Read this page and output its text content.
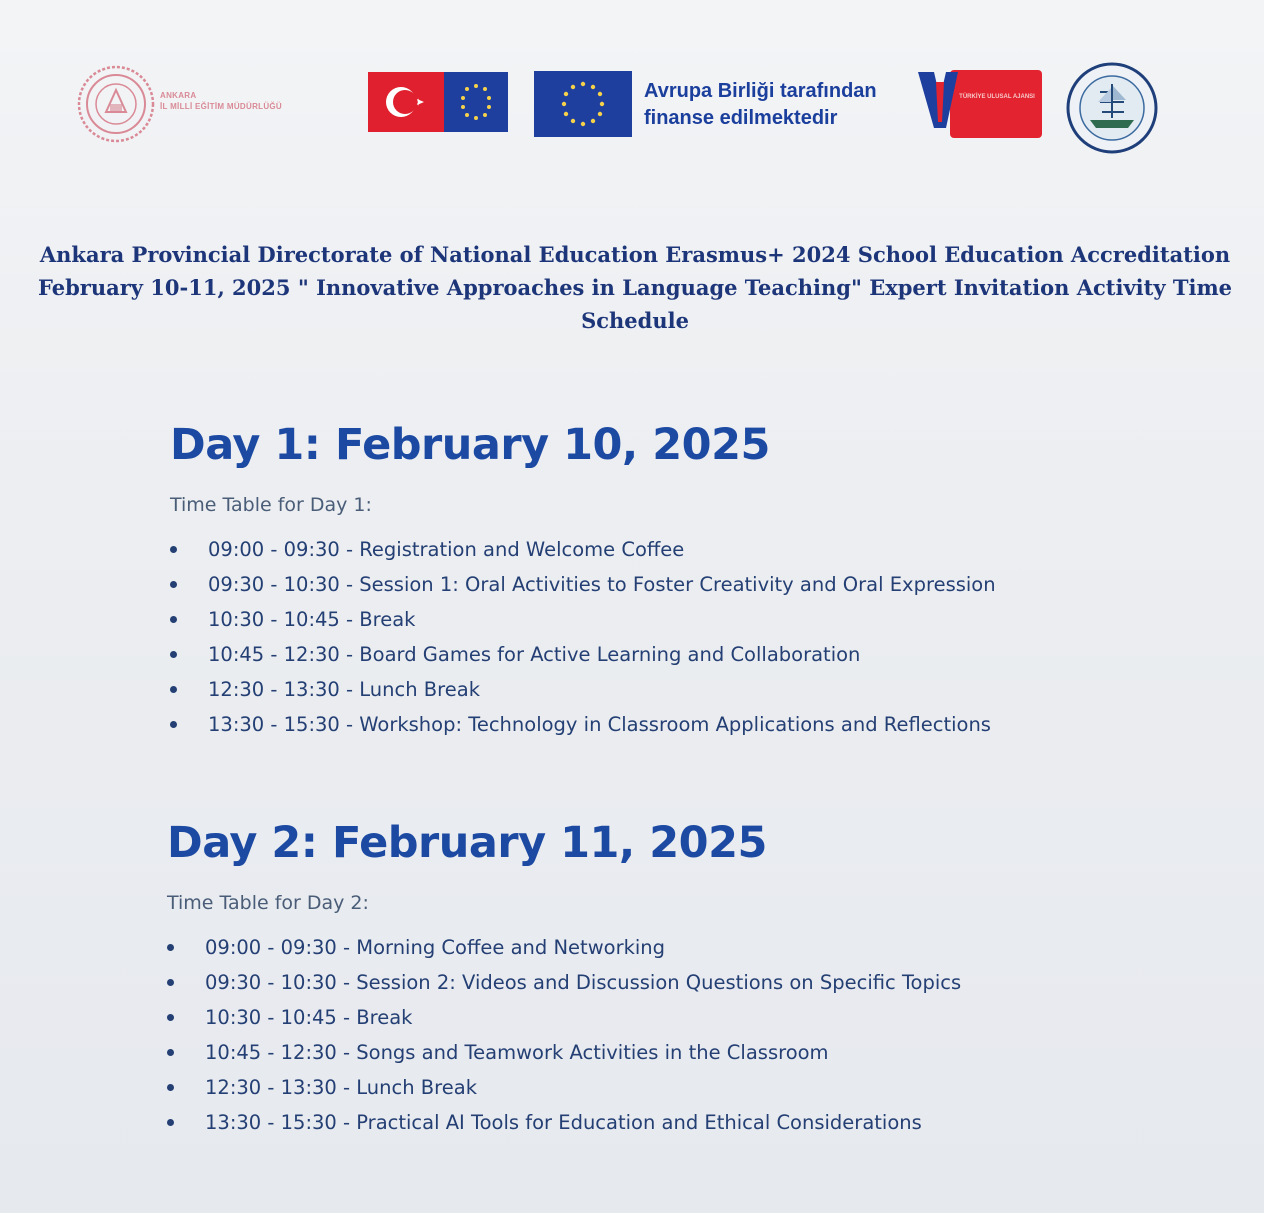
ANKARA
İL MİLLİ EĞİTİM MÜDÜRLÜĞÜ
Avrupa Birliği tarafından
finanse edilmektedir
TÜRKİYE ULUSAL AJANSI
Ankara Provincial Directorate of National Education Erasmus+ 2024 School Education Accreditation
February 10-11, 2025 " Innovative Approaches in Language Teaching" Expert Invitation Activity Time
Schedule
Day 1: February 10, 2025
Time Table for Day 1:
09:00 - 09:30 - Registration and Welcome Coffee
09:30 - 10:30 - Session 1: Oral Activities to Foster Creativity and Oral Expression
10:30 - 10:45 - Break
10:45 - 12:30 - Board Games for Active Learning and Collaboration
12:30 - 13:30 - Lunch Break
13:30 - 15:30 - Workshop: Technology in Classroom Applications and Reflections
Day 2: February 11, 2025
Time Table for Day 2:
09:00 - 09:30 - Morning Coffee and Networking
09:30 - 10:30 - Session 2: Videos and Discussion Questions on Specific Topics
10:30 - 10:45 - Break
10:45 - 12:30 - Songs and Teamwork Activities in the Classroom
12:30 - 13:30 - Lunch Break
13:30 - 15:30 - Practical AI Tools for Education and Ethical Considerations
